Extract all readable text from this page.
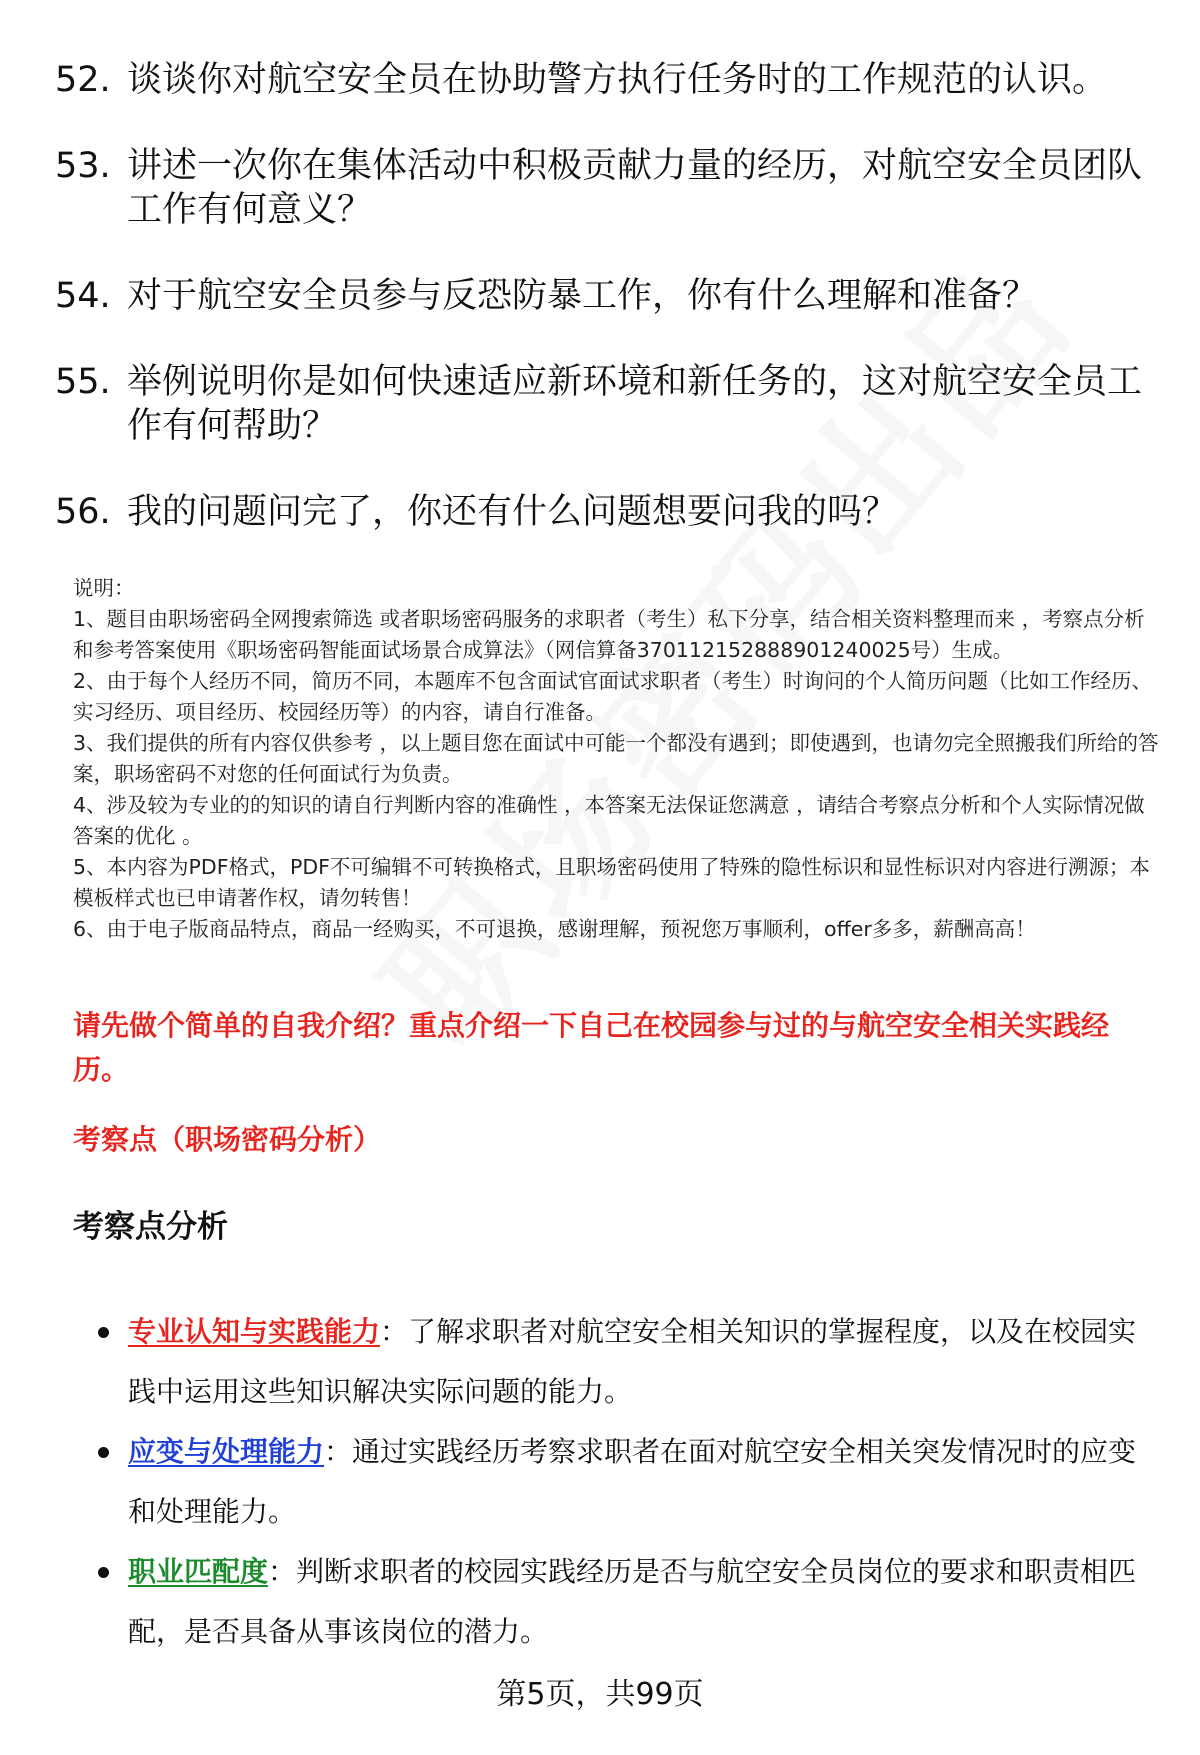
52. 谈谈你对航空安全员在协助警方执行任务时的工作规范的认识。
53. 讲述一次你在集体活动中积极贡献力量的经历，对航空安全员团队工作有何意义？
54. 对于航空安全员参与反恐防暴工作，你有什么理解和准备？
55. 举例说明你是如何快速适应新环境和新任务的，这对航空安全员工作有何帮助？
56. 我的问题问完了，你还有什么问题想要问我的吗？

说明：

1、题目由职场密码全网搜索筛选 或者职场密码服务的求职者（考生）私下分享，结合相关资料整理而来 ，考察点分析和参考答案使用《职场密码智能面试场景合成算法》（网信算备370112152888901240025号）生成。

2、由于每个人经历不同，简历不同，本题库不包含面试官面试求职者（考生）时询问的个人简历问题（比如工作经历、实习经历、项目经历、校园经历等）的内容，请自行准备。

3、我们提供的所有内容仅供参考 ，以上题目您在面试中可能一个都没有遇到；即使遇到，也请勿完全照搬我们所给的答案，职场密码不对您的任何面试行为负责。

4、涉及较为专业的的知识的请自行判断内容的准确性 ，本答案无法保证您满意 ，请结合考察点分析和个人实际情况做答案的优化 。

5、本内容为PDF格式，PDF不可编辑不可转换格式，且职场密码使用了特殊的隐性标识和显性标识对内容进行溯源；本模板样式也已申请著作权，请勿转售！

6、由于电子版商品特点，商品一经购买，不可退换，感谢理解，预祝您万事顺利，offer多多，薪酬高高！

请先做个简单的自我介绍？重点介绍一下自己在校园参与过的与航空安全相关实践经历。
考察点（职场密码分析）
考察点分析
专业认知与实践能力：了解求职者对航空安全相关知识的掌握程度，以及在校园实践中运用这些知识解决实际问题的能力。
应变与处理能力：通过实践经历考察求职者在面对航空安全相关突发情况时的应变和处理能力。
职业匹配度：判断求职者的校园实践经历是否与航空安全员岗位的要求和职责相匹配，是否具备从事该岗位的潜力。
第5页，共99页
